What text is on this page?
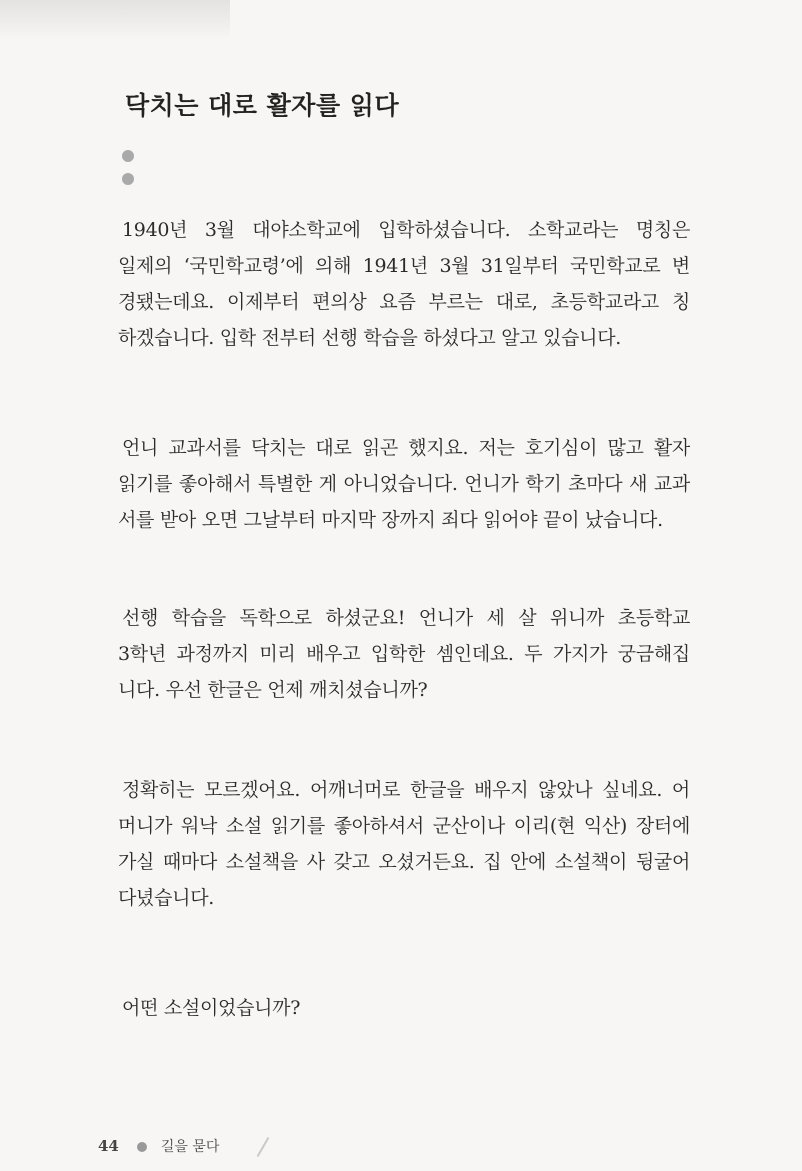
닥치는 대로 활자를 읽다

1940년 3월 대야소학교에 입학하셨습니다. 소학교라는 명칭은
일제의 ‘국민학교령’에 의해 1941년 3월 31일부터 국민학교로 변
경됐는데요. 이제부터 편의상 요즘 부르는 대로, 초등학교라고 칭
하겠습니다. 입학 전부터 선행 학습을 하셨다고 알고 있습니다.

언니 교과서를 닥치는 대로 읽곤 했지요. 저는 호기심이 많고 활자
읽기를 좋아해서 특별한 게 아니었습니다. 언니가 학기 초마다 새 교과
서를 받아 오면 그날부터 마지막 장까지 죄다 읽어야 끝이 났습니다.

선행 학습을 독학으로 하셨군요! 언니가 세 살 위니까 초등학교
3학년 과정까지 미리 배우고 입학한 셈인데요. 두 가지가 궁금해집
니다. 우선 한글은 언제 깨치셨습니까?

정확히는 모르겠어요. 어깨너머로 한글을 배우지 않았나 싶네요. 어
머니가 워낙 소설 읽기를 좋아하셔서 군산이나 이리(현 익산) 장터에
가실 때마다 소설책을 사 갖고 오셨거든요. 집 안에 소설책이 뒹굴어
다녔습니다.

어떤 소설이었습니까?

44	길을 묻다
